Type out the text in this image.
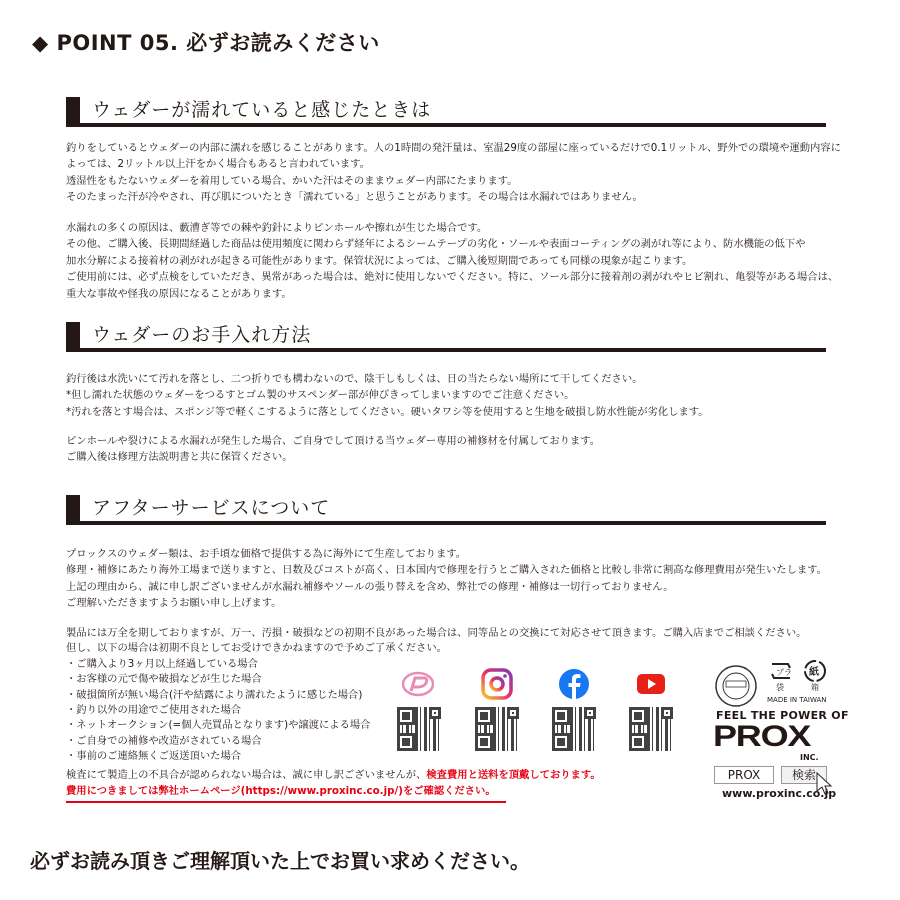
◆ POINT 05. 必ずお読みください
ウェダーが濡れていると感じたときは
釣りをしているとウェダーの内部に濡れを感じることがあります。人の1時間の発汗量は、室温29度の部屋に座っているだけで0.1リットル、野外での環境や運動内容に
よっては、2リットル以上汗をかく場合もあると言われています。
透湿性をもたないウェダーを着用している場合、かいた汗はそのままウェダー内部にたまります。
そのたまった汗が冷やされ、再び肌についたとき「濡れている」と思うことがあります。その場合は水漏れではありません。
水漏れの多くの原因は、藪漕ぎ等での棘や釣針によりピンホールや擦れが生じた場合です。
その他、ご購入後、長期間経過した商品は使用頻度に関わらず経年によるシームテープの劣化・ソールや表面コーティングの剥がれ等により、防水機能の低下や
加水分解による接着材の剥がれが起きる可能性があります。保管状況によっては、ご購入後短期間であっても同様の現象が起こります。
ご使用前には、必ず点検をしていただき、異常があった場合は、絶対に使用しないでください。特に、ソール部分に接着剤の剥がれやヒビ割れ、亀裂等がある場合は、
重大な事故や怪我の原因になることがあります。
ウェダーのお手入れ方法
釣行後は水洗いにて汚れを落とし、二つ折りでも構わないので、陰干しもしくは、日の当たらない場所にて干してください。
*但し濡れた状態のウェダーをつるすとゴム製のサスペンダー部が伸びきってしまいますのでご注意ください。
*汚れを落とす場合は、スポンジ等で軽くこするように落としてください。硬いタワシ等を使用すると生地を破損し防水性能が劣化します。
ピンホールや裂けによる水漏れが発生した場合、ご自身でして頂ける当ウェダー専用の補修材を付属しております。
ご購入後は修理方法説明書と共に保管ください。
アフターサービスについて
プロックスのウェダー類は、お手頃な価格で提供する為に海外にて生産しております。
修理・補修にあたり海外工場まで送りますと、日数及びコストが高く、日本国内で修理を行うとご購入された価格と比較し非常に割高な修理費用が発生いたします。
上記の理由から、誠に申し訳ございませんが水漏れ補修やソールの張り替えを含め、弊社での修理・補修は一切行っておりません。
ご理解いただきますようお願い申し上げます。
製品には万全を期しておりますが、万一、汚損・破損などの初期不良があった場合は、同等品との交換にて対応させて頂きます。ご購入店までご相談ください。
但し、以下の場合は初期不良としてお受けできかねますので予めご了承ください。
・ご購入より3ヶ月以上経過している場合
・お客様の元で傷や破損などが生じた場合
・破損箇所が無い場合(汗や結露により濡れたように感じた場合)
・釣り以外の用途でご使用された場合
・ネットオークション(=個人売買品となります)や譲渡による場合
・ご自身での補修や改造がされている場合
・事前のご連絡無くご返送頂いた場合
検査にて製造上の不具合が認められない場合は、誠に申し訳ございませんが、検査費用と送料を頂戴しております。
費用につきましては弊社ホームページ(https://www.proxinc.co.jp/)をご確認ください。
プラ
袋
紙
箱
MADE IN TAIWAN
FEEL THE POWER OF
PROX
INC.
PROX	検索
www.proxinc.co.jp
必ずお読み頂きご理解頂いた上でお買い求めください。
